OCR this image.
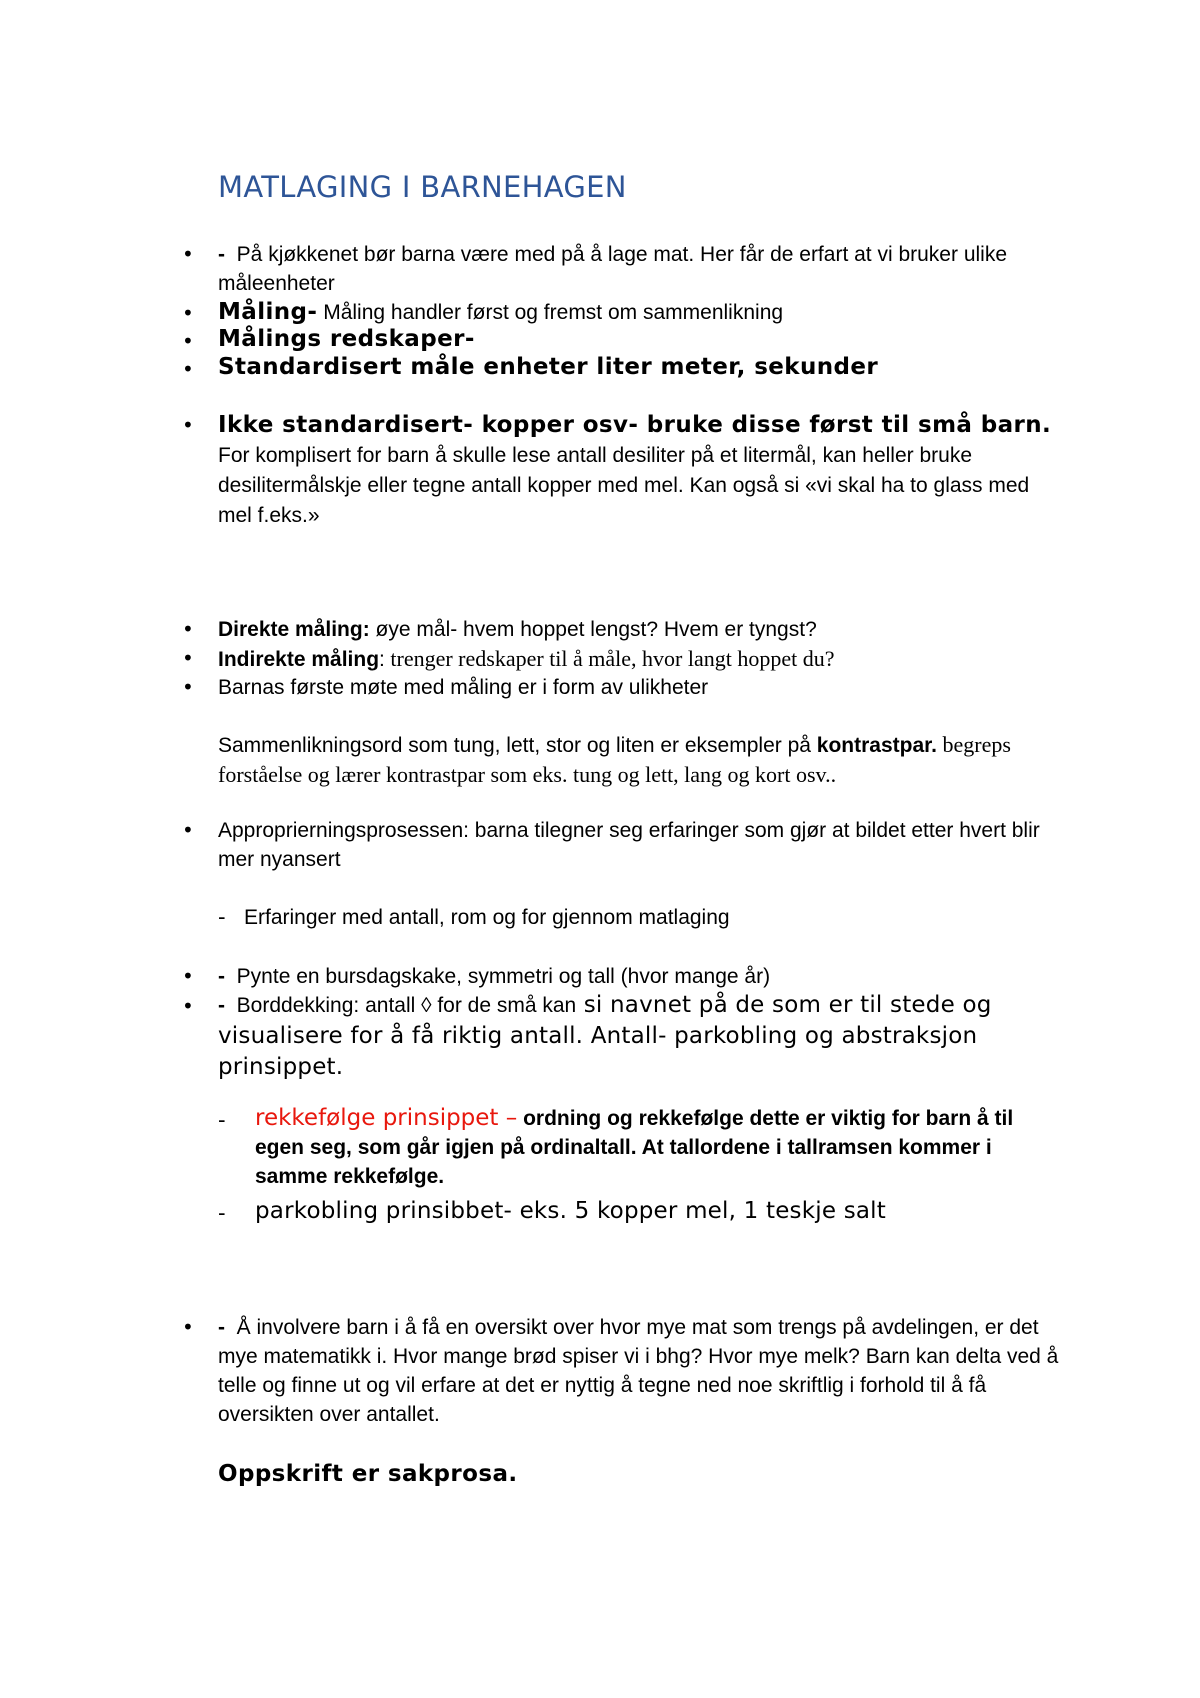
MATLAGING I BARNEHAGEN
• - På kjøkkenet bør barna være med på å lage mat. Her får de erfart at vi bruker ulike måleenheter
• Måling- Måling handler først og fremst om sammenlikning
• Målings redskaper-
• Standardisert måle enheter liter meter, sekunder
• Ikke standardisert- kopper osv- bruke disse først til små barn. For komplisert for barn å skulle lese antall desiliter på et litermål, kan heller bruke desilitermålskje eller tegne antall kopper med mel. Kan også si «vi skal ha to glass med mel f.eks.»
• Direkte måling: øye mål- hvem hoppet lengst? Hvem er tyngst?
• Indirekte måling: trenger redskaper til å måle, hvor langt hoppet du?
• Barnas første møte med måling er i form av ulikheter
Sammenlikningsord som tung, lett, stor og liten er eksempler på kontrastpar. begreps forståelse og lærer kontrastpar som eks. tung og lett, lang og kort osv..
• Approprierningsprosessen: barna tilegner seg erfaringer som gjør at bildet etter hvert blir mer nyansert
- Erfaringer med antall, rom og for gjennom matlaging
• - Pynte en bursdagskake, symmetri og tall (hvor mange år)
• - Borddekking: antall ◊ for de små kan si navnet på de som er til stede og visualisere for å få riktig antall. Antall- parkobling og abstraksjon prinsippet.
- rekkefølge prinsippet – ordning og rekkefølge dette er viktig for barn å til egen seg, som går igjen på ordinaltall. At tallordene i tallramsen kommer i samme rekkefølge.
- parkobling prinsibbet- eks. 5 kopper mel, 1 teskje salt
• - Å involvere barn i å få en oversikt over hvor mye mat som trengs på avdelingen, er det mye matematikk i. Hvor mange brød spiser vi i bhg? Hvor mye melk? Barn kan delta ved å telle og finne ut og vil erfare at det er nyttig å tegne ned noe skriftlig i forhold til å få oversikten over antallet.
Oppskrift er sakprosa.
